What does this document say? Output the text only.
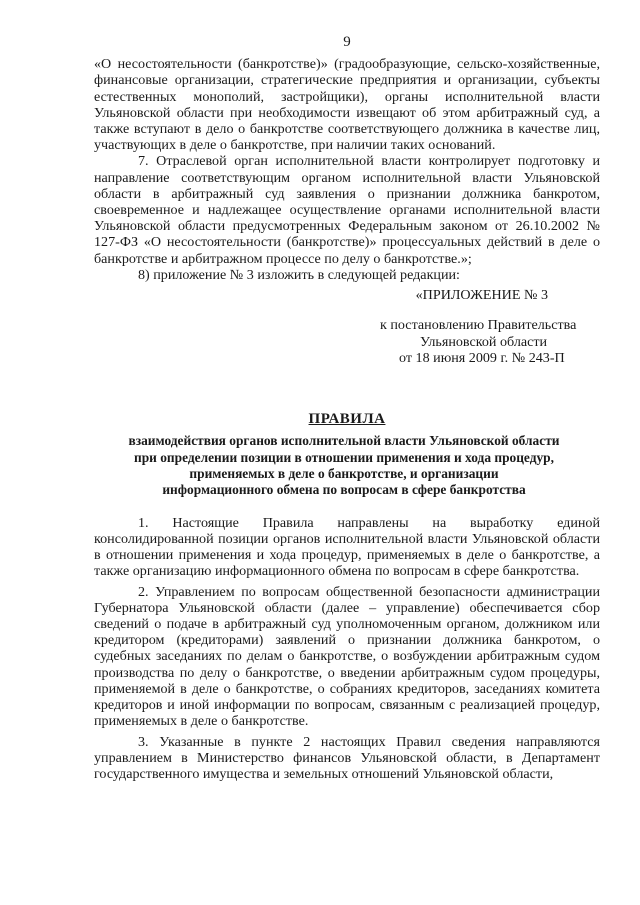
9

«О несостоятельности (банкротстве)» (градообразующие, сельско-хозяйственные, финансовые организации, стратегические предприятия и организации, субъекты естественных монополий, застройщики), органы исполнительной власти Ульяновской области при необходимости извещают об этом арбитражный суд, а также вступают в дело о банкротстве соответствующего должника в качестве лиц, участвующих в деле о банкротстве, при наличии таких оснований.

7. Отраслевой орган исполнительной власти контролирует подготовку и направление соответствующим органом исполнительной власти Ульяновской области в арбитражный суд заявления о признании должника банкротом, своевременное и надлежащее осуществление органами исполнительной власти Ульяновской области предусмотренных Федеральным законом от 26.10.2002 № 127-ФЗ «О несостоятельности (банкротстве)» процессуальных действий в деле о банкротстве и арбитражном процессе по делу о банкротстве.»;

8) приложение № 3 изложить в следующей редакции:

«ПРИЛОЖЕНИЕ № 3
к постановлению Правительства
Ульяновской области
от 18 июня 2009 г. № 243-П
ПРАВИЛА
взаимодействия органов исполнительной власти Ульяновской области
при определении позиции в отношении применения и хода процедур,
применяемых в деле о банкротстве, и организации
информационного обмена по вопросам в сфере банкротства

1. Настоящие Правила направлены на выработку единой консолидированной позиции органов исполнительной власти Ульяновской области в отношении применения и хода процедур, применяемых в деле о банкротстве, а также организацию информационного обмена по вопросам в сфере банкротства.

2. Управлением по вопросам общественной безопасности администрации Губернатора Ульяновской области (далее – управление) обеспечивается сбор сведений о подаче в арбитражный суд уполномоченным органом, должником или кредитором (кредиторами) заявлений о признании должника банкротом, о судебных заседаниях по делам о банкротстве, о возбуждении арбитражным судом производства по делу о банкротстве, о введении арбитражным судом процедуры, применяемой в деле о банкротстве, о собраниях кредиторов, заседаниях комитета кредиторов и иной информации по вопросам, связанным с реализацией процедур, применяемых в деле о банкротстве.

3. Указанные в пункте 2 настоящих Правил сведения направляются управлением в Министерство финансов Ульяновской области, в Департамент государственного имущества и земельных отношений Ульяновской области,
